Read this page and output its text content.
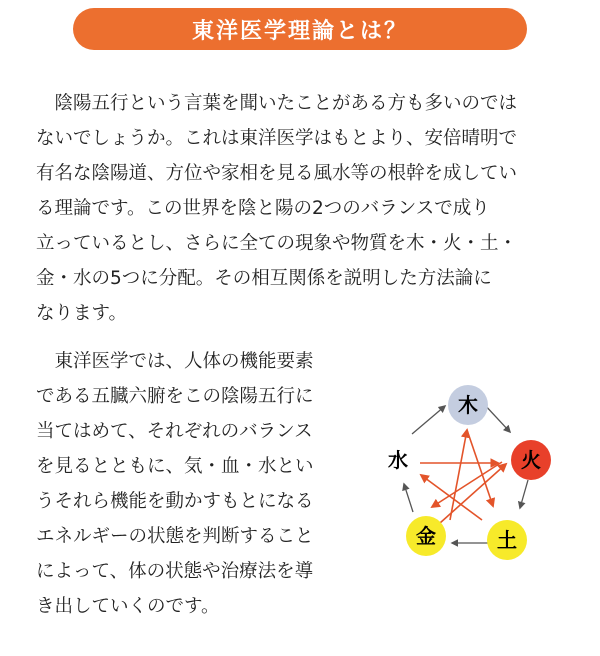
東洋医学理論とは？

陰陽五行という言葉を聞いたことがある方も多いのでは
ないでしょうか。これは東洋医学はもとより、安倍晴明で
有名な陰陽道、方位や家相を見る風水等の根幹を成してい
る理論です。この世界を陰と陽の2つのバランスで成り
立っているとし、さらに全ての現象や物質を木・火・土・
金・水の5つに分配。その相互関係を説明した方法論に
なります。

東洋医学では、人体の機能要素
である五臓六腑をこの陰陽五行に
当てはめて、それぞれのバランス
を見るとともに、気・血・水とい
うそれら機能を動かすもとになる
エネルギーの状態を判断すること
によって、体の状態や治療法を導
き出していくのです。

木
火
土
金
水
